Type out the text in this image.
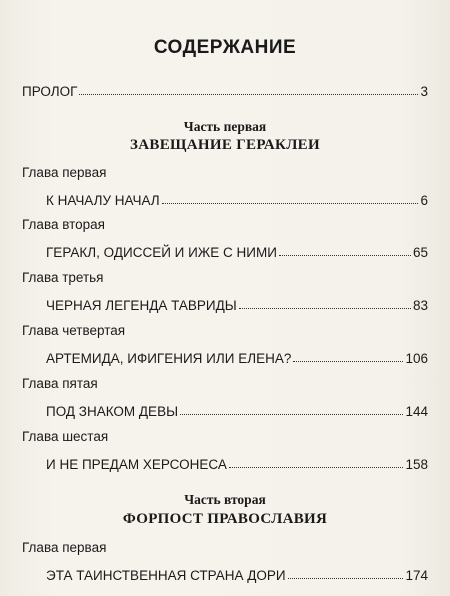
СОДЕРЖАНИЕ
ПРОЛОГ	3
Часть первая
ЗАВЕЩАНИЕ ГЕРАКЛЕИ
Глава первая
К НАЧАЛУ НАЧАЛ	6
Глава вторая
ГЕРАКЛ, ОДИССЕЙ И ИЖЕ С НИМИ	65
Глава третья
ЧЕРНАЯ ЛЕГЕНДА ТАВРИДЫ	83
Глава четвертая
АРТЕМИДА, ИФИГЕНИЯ ИЛИ ЕЛЕНА?	106
Глава пятая
ПОД ЗНАКОМ ДЕВЫ	144
Глава шестая
И НЕ ПРЕДАМ ХЕРСОНЕСА	158
Часть вторая
ФОРПОСТ ПРАВОСЛАВИЯ
Глава первая
ЭТА ТАИНСТВЕННАЯ СТРАНА ДОРИ	174
